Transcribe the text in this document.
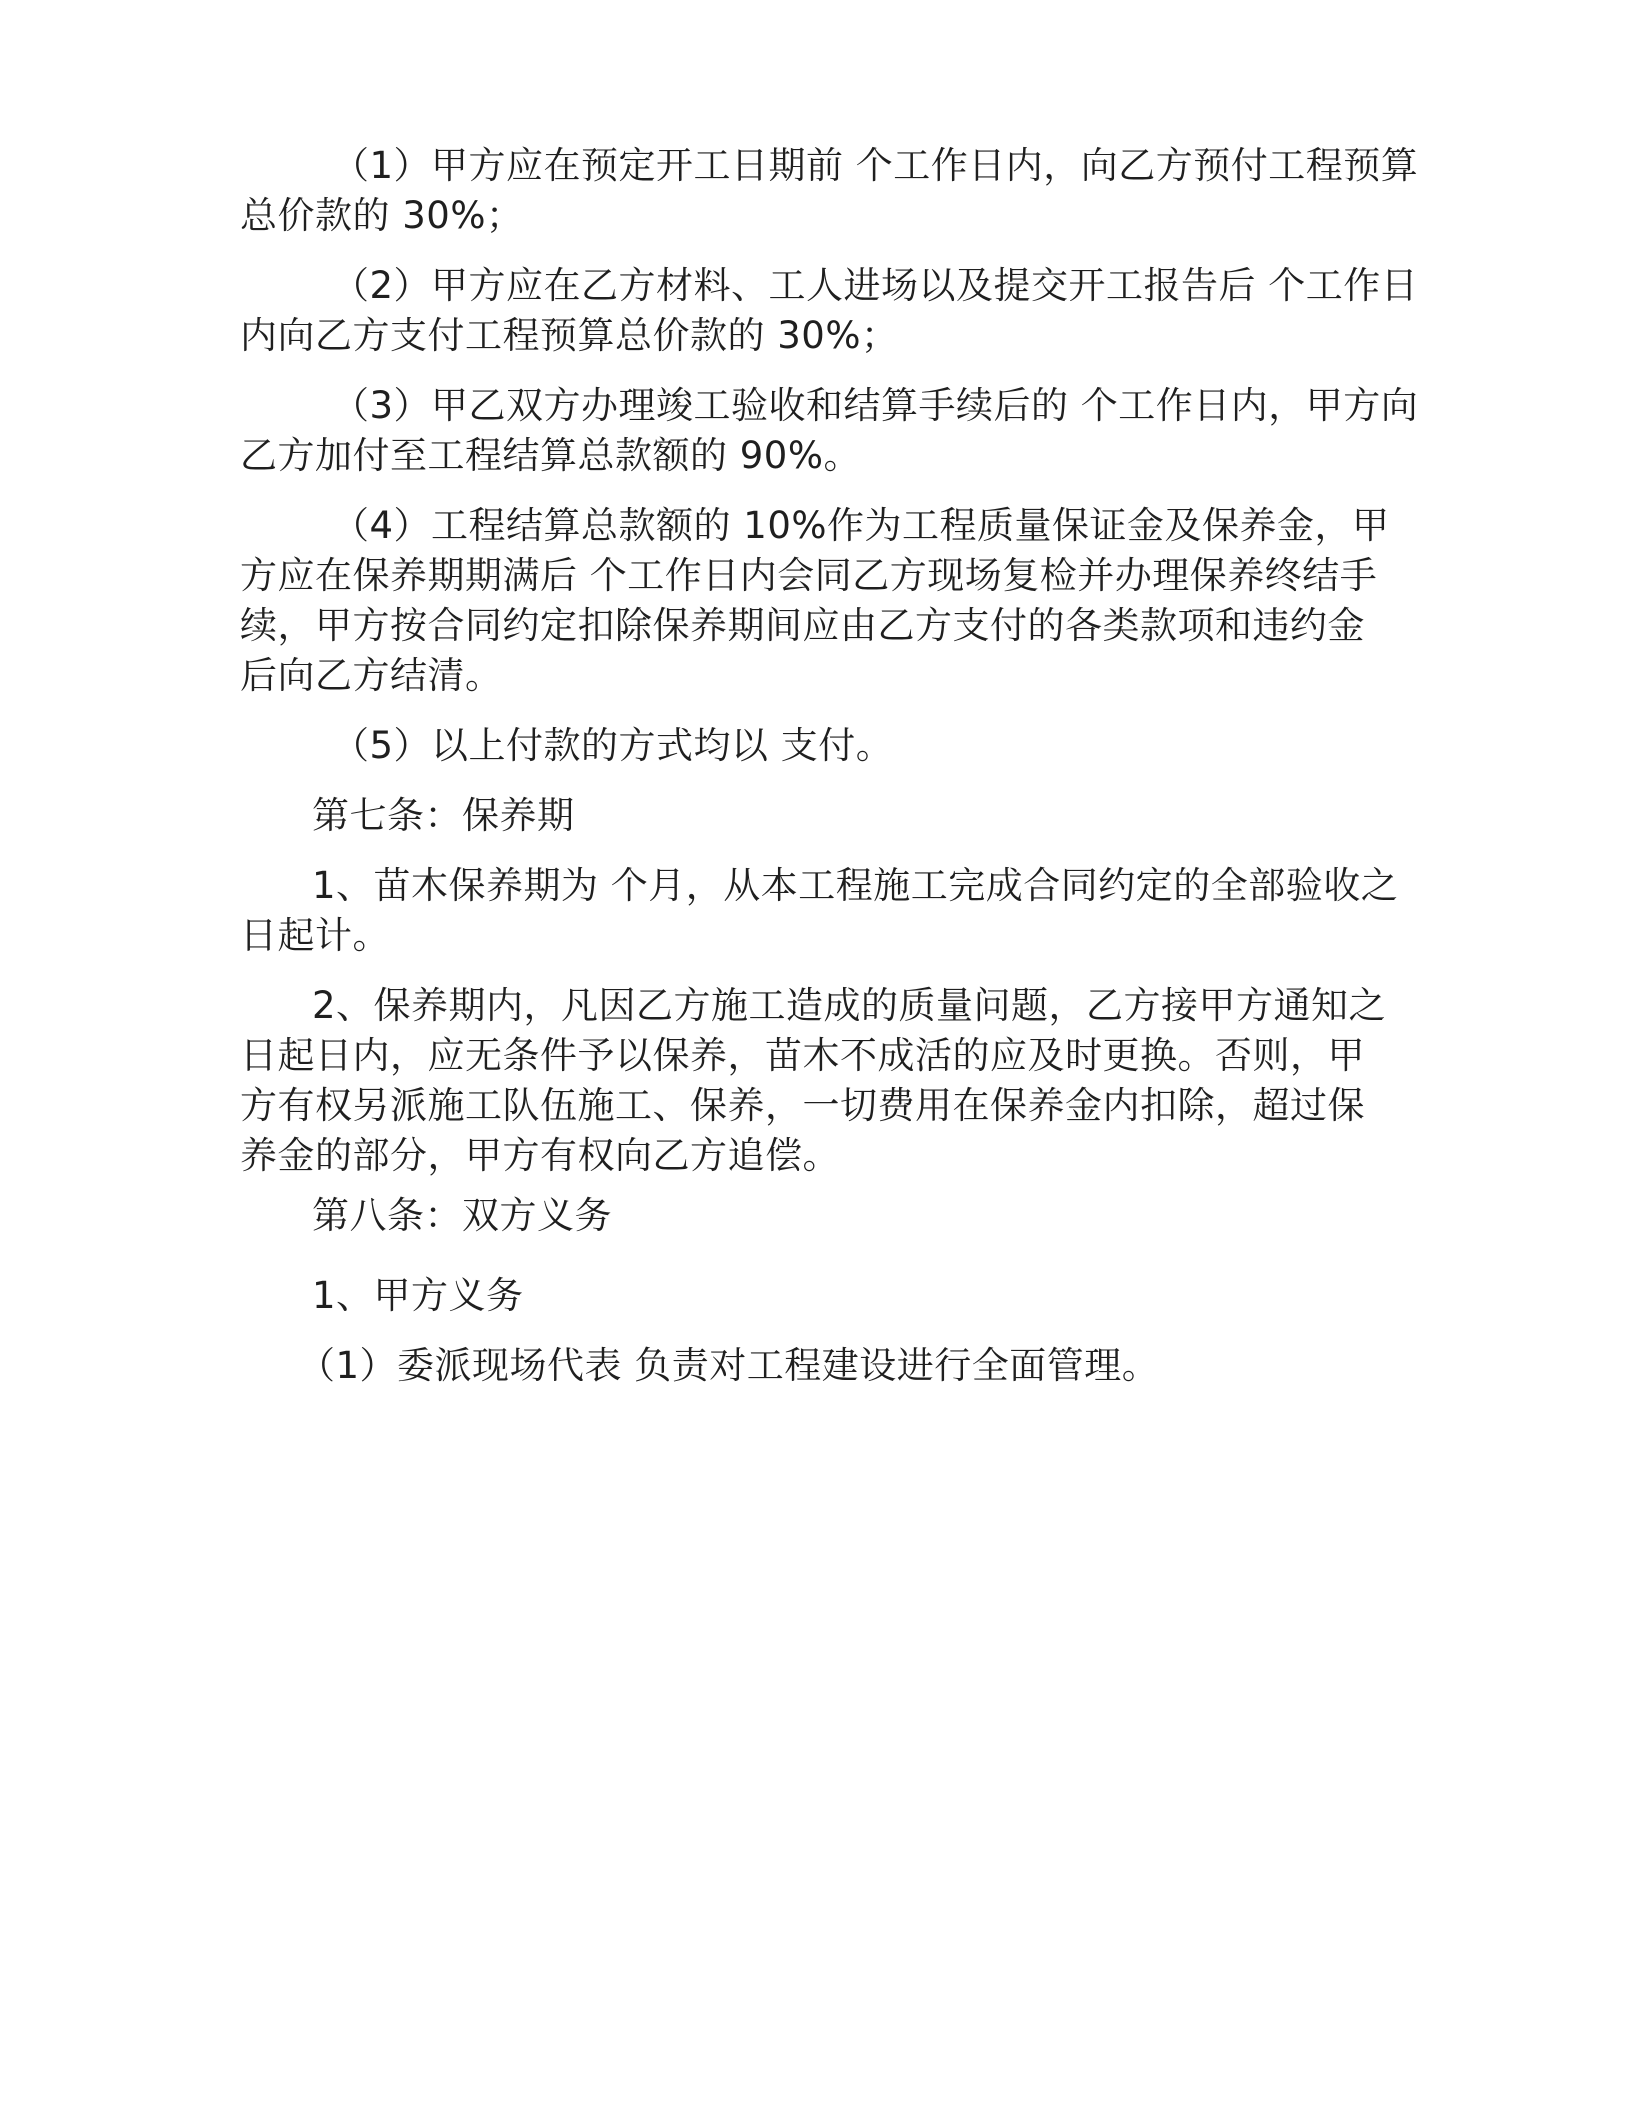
（1）甲方应在预定开工日期前 个工作日内，向乙方预付工程预算
总价款的 30%；
（2）甲方应在乙方材料、工人进场以及提交开工报告后 个工作日
内向乙方支付工程预算总价款的 30%；
（3）甲乙双方办理竣工验收和结算手续后的 个工作日内，甲方向
乙方加付至工程结算总款额的 90%。
（4）工程结算总款额的 10%作为工程质量保证金及保养金，甲
方应在保养期期满后 个工作日内会同乙方现场复检并办理保养终结手
续，甲方按合同约定扣除保养期间应由乙方支付的各类款项和违约金
后向乙方结清。
（5）以上付款的方式均以 支付。
第七条：保养期
1、苗木保养期为 个月，从本工程施工完成合同约定的全部验收之
日起计。
2、保养期内，凡因乙方施工造成的质量问题，乙方接甲方通知之
日起日内，应无条件予以保养，苗木不成活的应及时更换。否则，甲
方有权另派施工队伍施工、保养，一切费用在保养金内扣除，超过保
养金的部分，甲方有权向乙方追偿。
第八条：双方义务
1、甲方义务
（1）委派现场代表 负责对工程建设进行全面管理。
